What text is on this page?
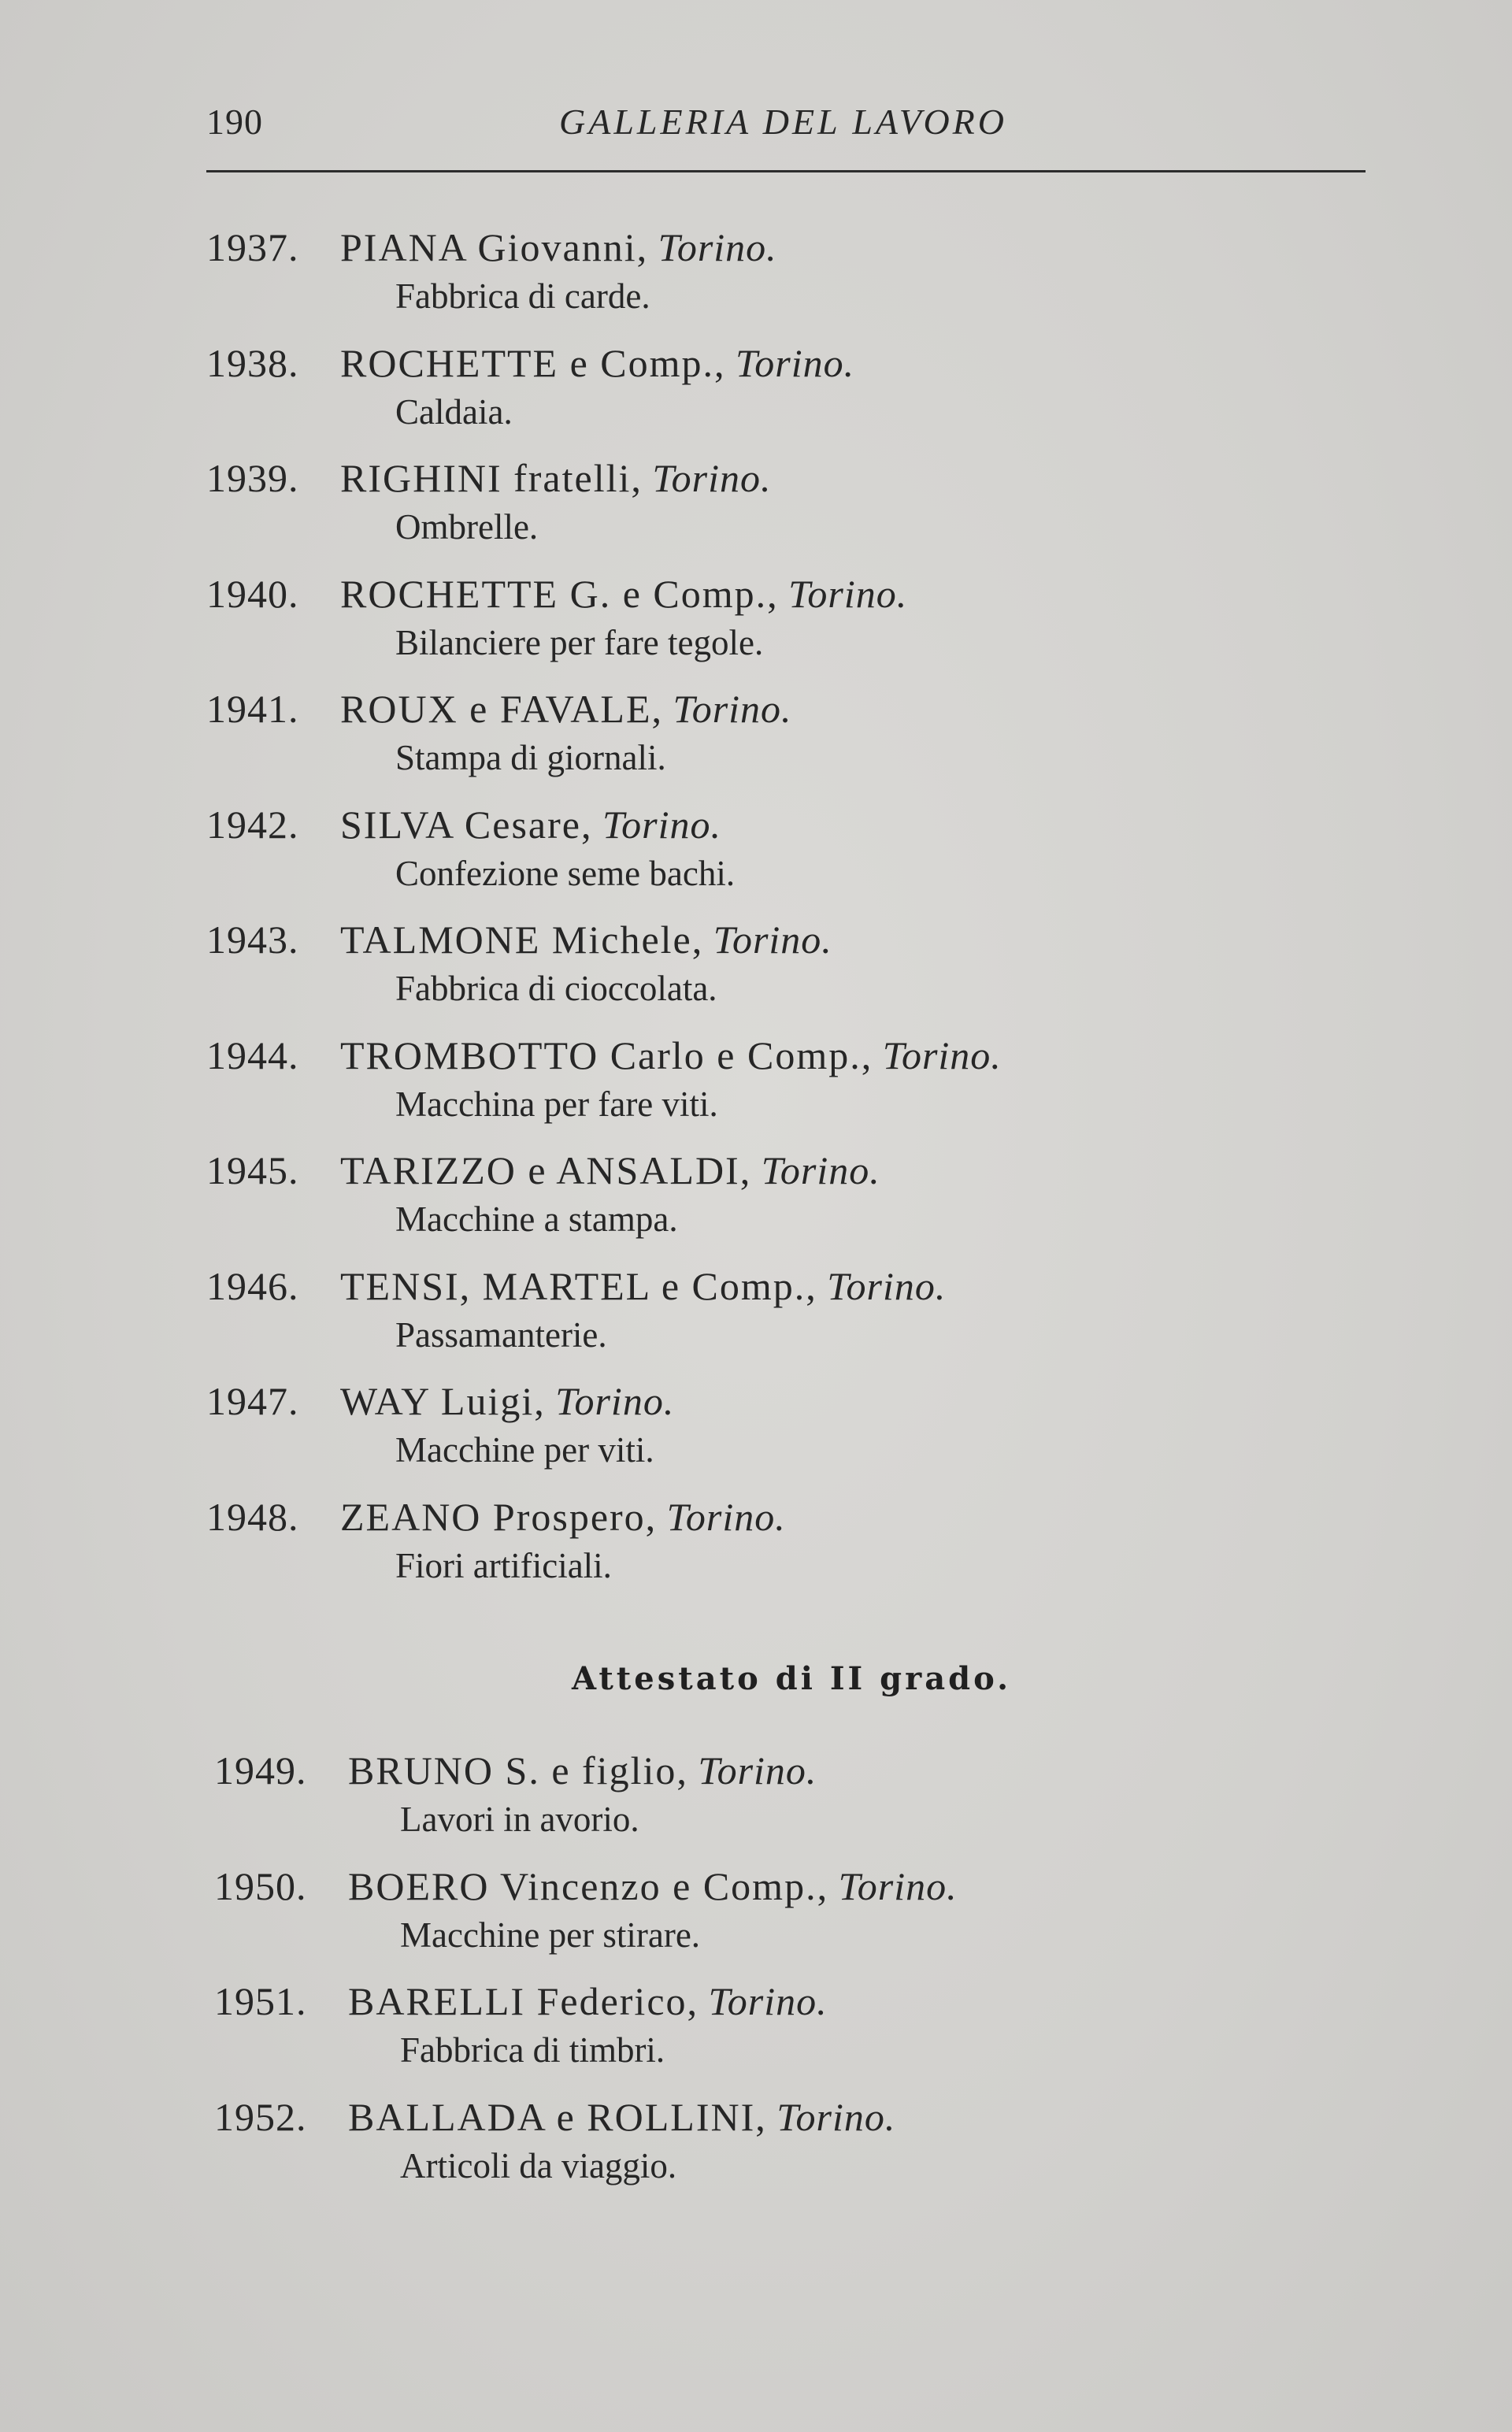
190	GALLERIA DEL LAVORO
1937. PIANA Giovanni, Torino.
Fabbrica di carde.
1938. ROCHETTE e Comp., Torino.
Caldaia.
1939. RIGHINI fratelli, Torino.
Ombrelle.
1940. ROCHETTE G. e Comp., Torino.
Bilanciere per fare tegole.
1941. ROUX e FAVALE, Torino.
Stampa di giornali.
1942. SILVA Cesare, Torino.
Confezione seme bachi.
1943. TALMONE Michele, Torino.
Fabbrica di cioccolata.
1944. TROMBOTTO Carlo e Comp., Torino.
Macchina per fare viti.
1945. TARIZZO e ANSALDI, Torino.
Macchine a stampa.
1946. TENSI, MARTEL e Comp., Torino.
Passamanterie.
1947. WAY Luigi, Torino.
Macchine per viti.
1948. ZEANO Prospero, Torino.
Fiori artificiali.
Attestato di II grado.
1949. BRUNO S. e figlio, Torino.
Lavori in avorio.
1950. BOERO Vincenzo e Comp., Torino.
Macchine per stirare.
1951. BARELLI Federico, Torino.
Fabbrica di timbri.
1952. BALLADA e ROLLINI, Torino.
Articoli da viaggio.
